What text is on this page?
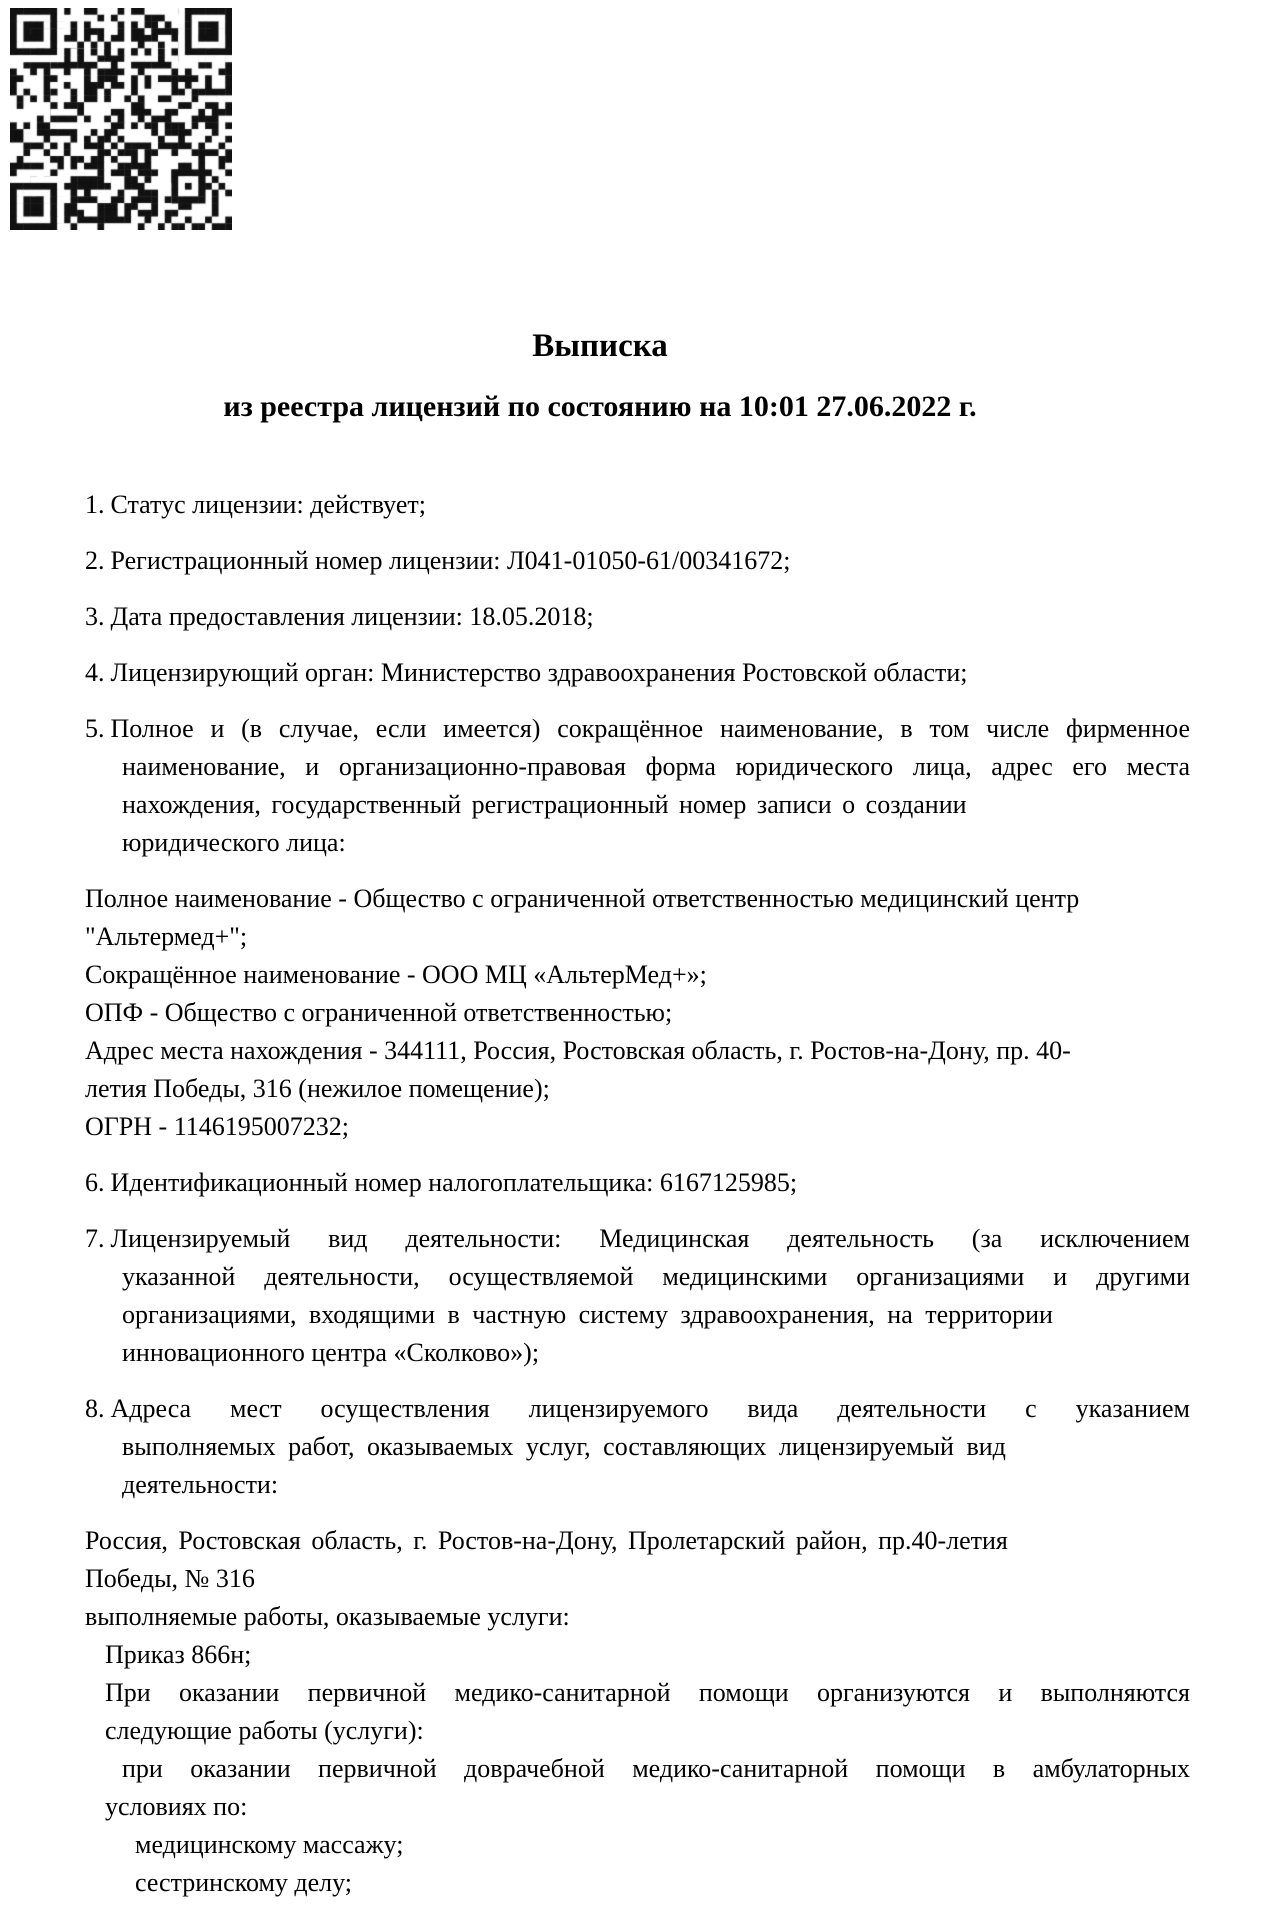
Выписка
из реестра лицензий по состоянию на 10:01 27.06.2022 г.
1. Статус лицензии: действует;
2. Регистрационный номер лицензии: Л041-01050-61/00341672;
3. Дата предоставления лицензии: 18.05.2018;
4. Лицензирующий орган: Министерство здравоохранения Ростовской области;
5. Полное и (в случае, если имеется) сокращённое наименование, в том числе фирменное
наименование, и организационно-правовая форма юридического лица, адрес его места
нахождения, государственный регистрационный номер записи о создании
юридического лица:
Полное наименование - Общество с ограниченной ответственностью медицинский центр
"Альтермед+";
Сокращённое наименование - ООО МЦ «АльтерМед+»;
ОПФ - Общество с ограниченной ответственностью;
Адрес места нахождения - 344111, Россия, Ростовская область, г. Ростов-на-Дону, пр. 40-
летия Победы, 316 (нежилое помещение);
ОГРН - 1146195007232;
6. Идентификационный номер налогоплательщика: 6167125985;
7. Лицензируемый вид деятельности: Медицинская деятельность (за исключением
указанной деятельности, осуществляемой медицинскими организациями и другими
организациями, входящими в частную систему здравоохранения, на территории
инновационного центра «Сколково»);
8. Адреса мест осуществления лицензируемого вида деятельности с указанием
выполняемых работ, оказываемых услуг, составляющих лицензируемый вид
деятельности:
Россия, Ростовская область, г. Ростов-на-Дону, Пролетарский район, пр.40-летия
Победы, № 316
выполняемые работы, оказываемые услуги:
Приказ 866н;
При оказании первичной медико-санитарной помощи организуются и выполняются
следующие работы (услуги):
при оказании первичной доврачебной медико-санитарной помощи в амбулаторных
условиях по:
медицинскому массажу;
сестринскому делу;
